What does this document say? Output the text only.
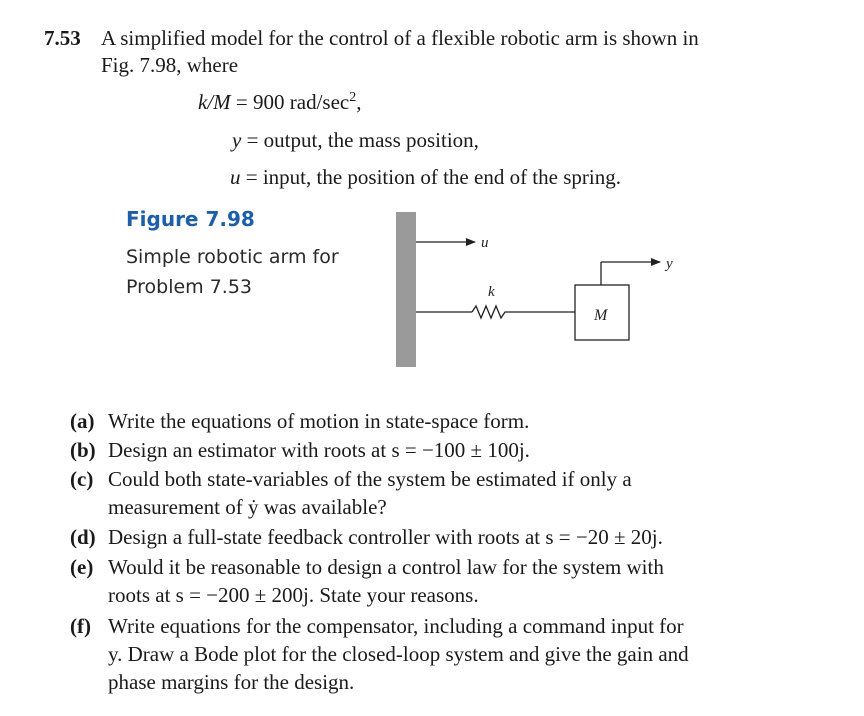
7.53 A simplified model for the control of a flexible robotic arm is shown in
Fig. 7.98, where
k/M = 900 rad/$\sec^2$,
y = output, the mass position,
u = input, the position of the end of the spring.
Figure 7.98
Simple robotic arm for
Problem 7.53
u
k
M
y
(a) Write the equations of motion in state-space form.
(b) Design an estimator with roots at s = −100 ± 100j.
(c) Could both state-variables of the system be estimated if only a
measurement of ẏ was available?
(d) Design a full-state feedback controller with roots at s = −20 ± 20j.
(e) Would it be reasonable to design a control law for the system with
roots at s = −200 ± 200j. State your reasons.
(f) Write equations for the compensator, including a command input for
y. Draw a Bode plot for the closed-loop system and give the gain and
phase margins for the design.
